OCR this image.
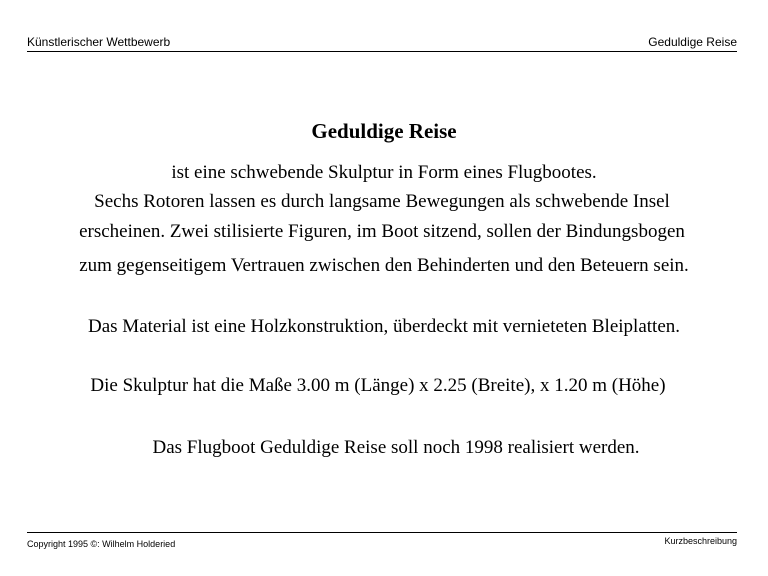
Künstlerischer Wettbewerb	Geduldige Reise
Geduldige Reise

ist eine schwebende Skulptur in Form eines Flugbootes.

Sechs Rotoren lassen es durch langsame Bewegungen als schwebende Insel

erscheinen. Zwei stilisierte Figuren, im Boot sitzend, sollen der Bindungsbogen

zum gegenseitigem Vertrauen zwischen den Behinderten und den Beteuern sein.

Das Material ist eine Holzkonstruktion, überdeckt mit vernieteten Bleiplatten.

Die Skulptur hat die Maße 3.00 m (Länge) x 2.25 (Breite), x 1.20 m (Höhe)

Das Flugboot Geduldige Reise soll noch 1998 realisiert werden.

Copyright 1995 ©: Wilhelm Holderied	Kurzbeschreibung
